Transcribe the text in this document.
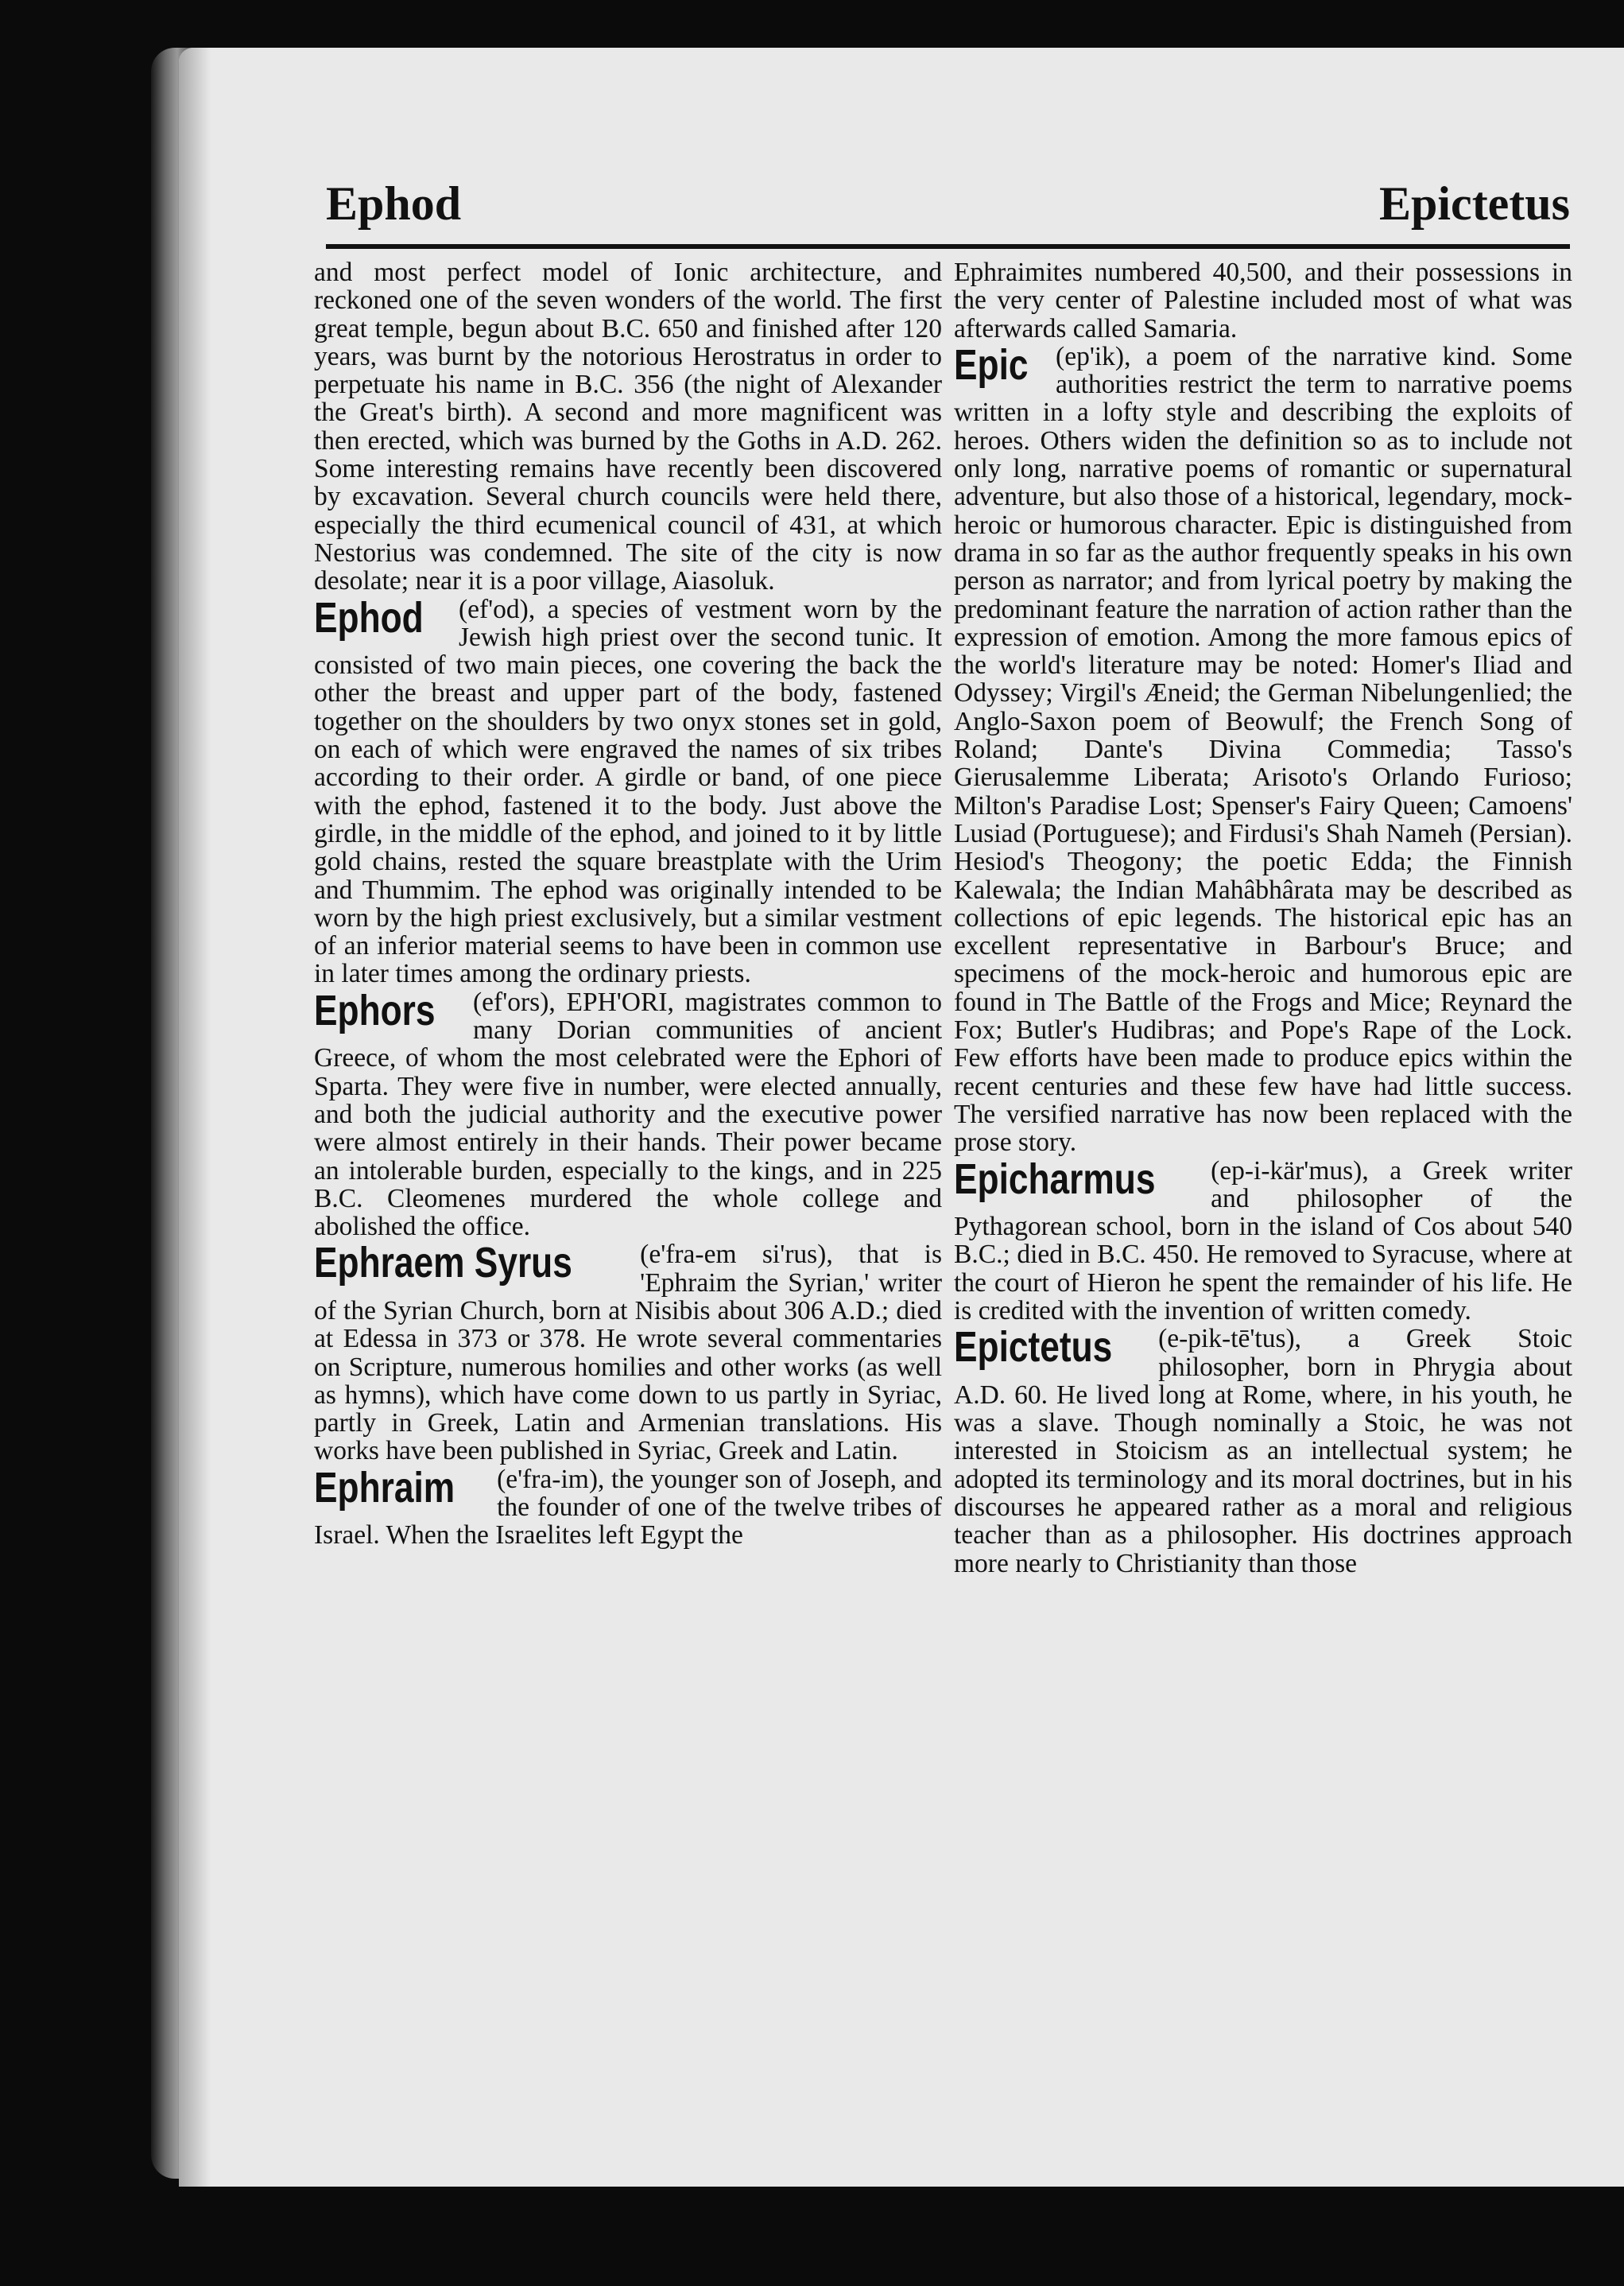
Ephod	Epictetus

and most perfect model of Ionic architecture, and reckoned one of the seven wonders of the world. The first great temple, begun about B.C. 650 and finished after 120 years, was burnt by the notorious Herostratus in order to perpetuate his name in B.C. 356 (the night of Alexander the Great's birth). A second and more magnificent was then erected, which was burned by the Goths in A.D. 262. Some interesting remains have recently been discovered by excavation. Several church councils were held there, especially the third ecumenical council of 431, at which Nestorius was condemned. The site of the city is now desolate; near it is a poor village, Aiasoluk.

Ephod (ef'od), a species of vestment worn by the Jewish high priest over the second tunic. It consisted of two main pieces, one covering the back the other the breast and upper part of the body, fastened together on the shoulders by two onyx stones set in gold, on each of which were engraved the names of six tribes according to their order. A girdle or band, of one piece with the ephod, fastened it to the body. Just above the girdle, in the middle of the ephod, and joined to it by little gold chains, rested the square breastplate with the Urim and Thummim. The ephod was originally intended to be worn by the high priest exclusively, but a similar vestment of an inferior material seems to have been in common use in later times among the ordinary priests.
Ephors (ef'ors), EPH'ORI, magistrates common to many Dorian communities of ancient Greece, of whom the most celebrated were the Ephori of Sparta. They were five in number, were elected annually, and both the judicial authority and the executive power were almost entirely in their hands. Their power became an intolerable burden, especially to the kings, and in 225 B.C. Cleomenes murdered the whole college and abolished the office.
Ephraem Syrus	(e'fra-em si'rus), that is 'Ephraim the Syrian,' writer of the Syrian Church, born at Nisibis about 306 A.D.; died at Edessa in 373 or 378. He wrote several commentaries on Scripture, numerous homilies and other works (as well as hymns), which have come down to us partly in Syriac, partly in Greek, Latin and Armenian translations. His works have been published in Syriac, Greek and Latin.
Ephraim (e'fra-im), the younger son of Joseph, and the founder of one of the twelve tribes of Israel. When the Israelites left Egypt the

Ephraimites numbered 40,500, and their possessions in the very center of Palestine included most of what was afterwards called Samaria.

Epic (ep'ik), a poem of the narrative kind. Some authorities restrict the term to narrative poems written in a lofty style and describing the exploits of heroes. Others widen the definition so as to include not only long, narrative poems of romantic or supernatural adventure, but also those of a historical, legendary, mock-heroic or humorous character. Epic is distinguished from drama in so far as the author frequently speaks in his own person as narrator; and from lyrical poetry by making the predominant feature the narration of action rather than the expression of emotion. Among the more famous epics of the world's literature may be noted: Homer's Iliad and Odyssey; Virgil's Æneid; the German Nibelungenlied; the Anglo-Saxon poem of Beowulf; the French Song of Roland; Dante's Divina Commedia; Tasso's Gierusalemme Liberata; Arisoto's Orlando Furioso; Milton's Paradise Lost; Spenser's Fairy Queen; Camoens' Lusiad (Portuguese); and Firdusi's Shah Nameh (Persian). Hesiod's Theogony; the poetic Edda; the Finnish Kalewala; the Indian Mahâbhârata may be described as collections of epic legends. The historical epic has an excellent representative in Barbour's Bruce; and specimens of the mock-heroic and humorous epic are found in The Battle of the Frogs and Mice; Reynard the Fox; Butler's Hudibras; and Pope's Rape of the Lock. Few efforts have been made to produce epics within the recent centuries and these few have had little success. The versified narrative has now been replaced with the prose story.
Epicharmus (ep-i-kär'mus), a Greek writer and philosopher of the Pythagorean school, born in the island of Cos about 540 B.C.; died in B.C. 450. He removed to Syracuse, where at the court of Hieron he spent the remainder of his life. He is credited with the invention of written comedy.
Epictetus (e-pik-tē'tus), a Greek Stoic philosopher, born in Phrygia about A.D. 60. He lived long at Rome, where, in his youth, he was a slave. Though nominally a Stoic, he was not interested in Stoicism as an intellectual system; he adopted its terminology and its moral doctrines, but in his discourses he appeared rather as a moral and religious teacher than as a philosopher. His doctrines approach more nearly to Christianity than those
